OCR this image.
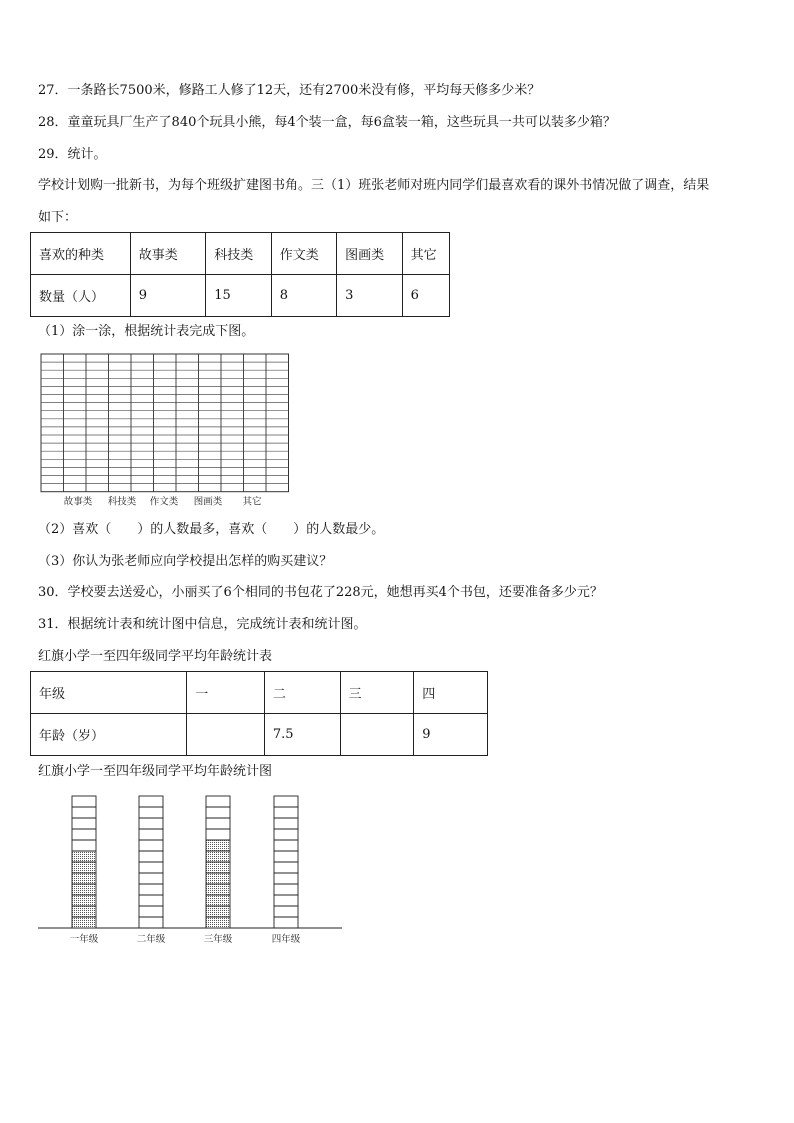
27．一条路长7500米，修路工人修了12天，还有2700米没有修，平均每天修多少米？
28．童童玩具厂生产了840个玩具小熊，每4个装一盒，每6盒装一箱，这些玩具一共可以装多少箱？
29．统计。
学校计划购一批新书，为每个班级扩建图书角。三（1）班张老师对班内同学们最喜欢看的课外书情况做了调查，结果
如下：
喜欢的种类	故事类	科技类	作文类	图画类	其它
数量（人）	9	15	8	3	6
（1）涂一涂，根据统计表完成下图。
故事类 科技类 作文类 图画类 其它
（2）喜欢（　　）的人数最多，喜欢（　　）的人数最少。
（3）你认为张老师应向学校提出怎样的购买建议？
30．学校要去送爱心，小丽买了6个相同的书包花了228元，她想再买4个书包，还要准备多少元？
31．根据统计表和统计图中信息，完成统计表和统计图。
红旗小学一至四年级同学平均年龄统计表
年级	一	二	三	四
年龄（岁）		7.5		9
红旗小学一至四年级同学平均年龄统计图
一年级	二年级	三年级	四年级
